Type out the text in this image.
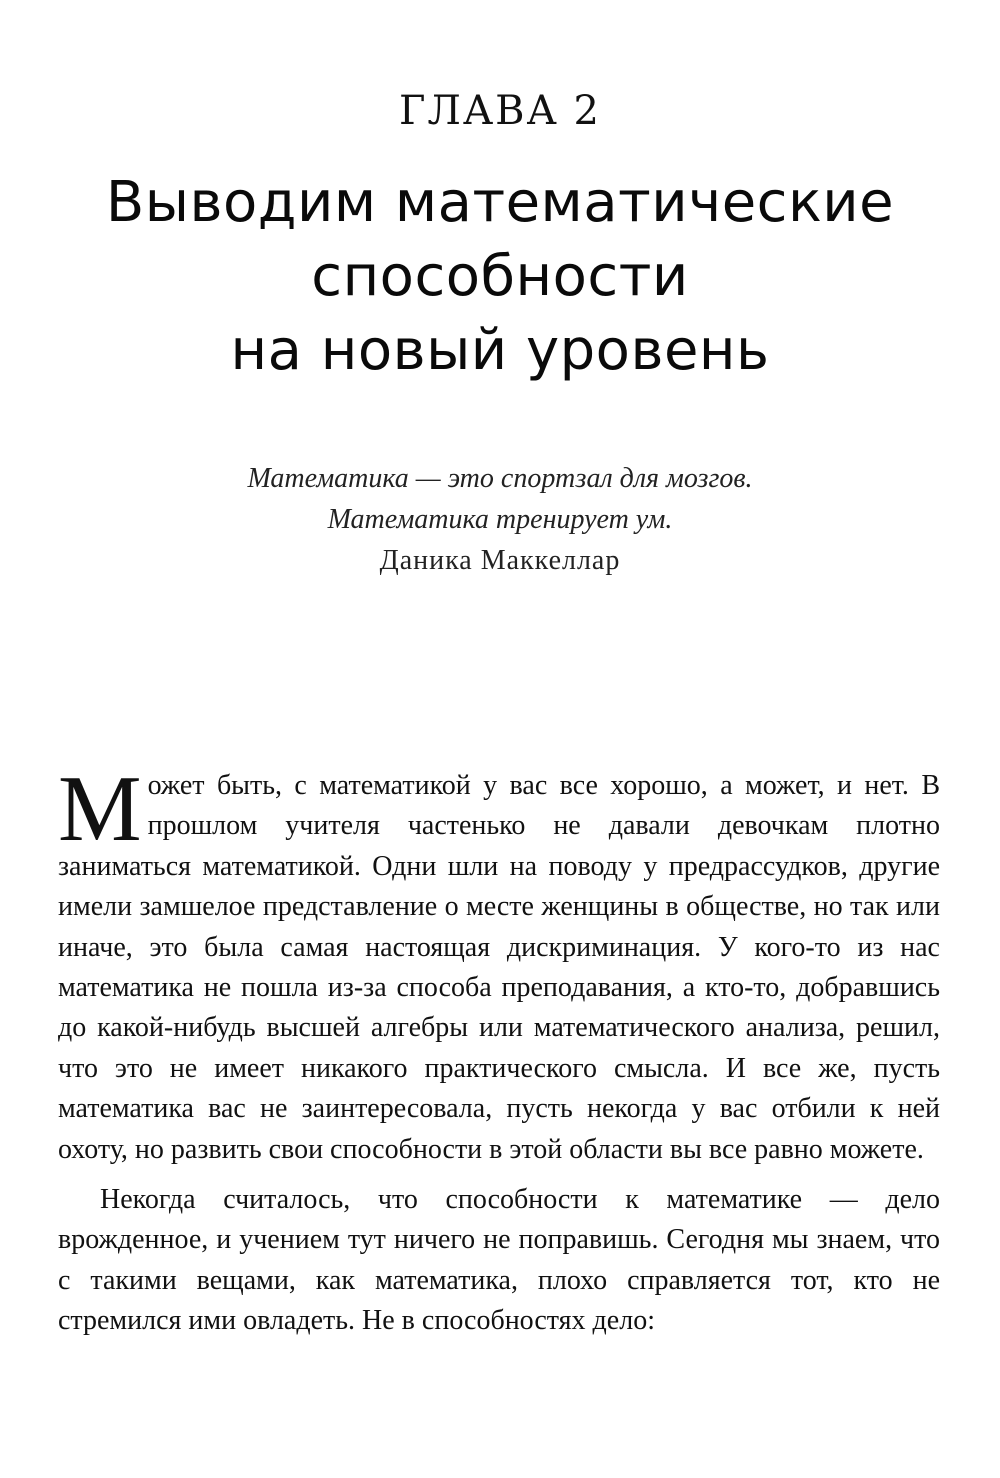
ГЛАВА 2
Выводим математические
способности
на новый уровень
Математика — это спортзал для мозгов.
Математика тренирует ум.
Даника Маккеллар

Может быть, с математикой у вас все хорошо, а может, и нет. В прошлом учителя частенько не давали девочкам плотно заниматься математикой. Одни шли на поводу у предрассудков, другие имели замшелое представление о месте женщины в обществе, но так или иначе, это была самая настоящая дискриминация. У кого-то из нас математика не пошла из-за способа преподавания, а кто-то, добравшись до какой-нибудь высшей алгебры или математического анализа, решил, что это не имеет никакого практического смысла. И все же, пусть математика вас не заинтересовала, пусть некогда у вас отбили к ней охоту, но развить свои способности в этой области вы все равно можете.

Некогда считалось, что способности к математике — дело врожденное, и учением тут ничего не поправишь. Сегодня мы знаем, что с такими вещами, как математика, плохо справляется тот, кто не стремился ими овладеть. Не в способностях дело:
